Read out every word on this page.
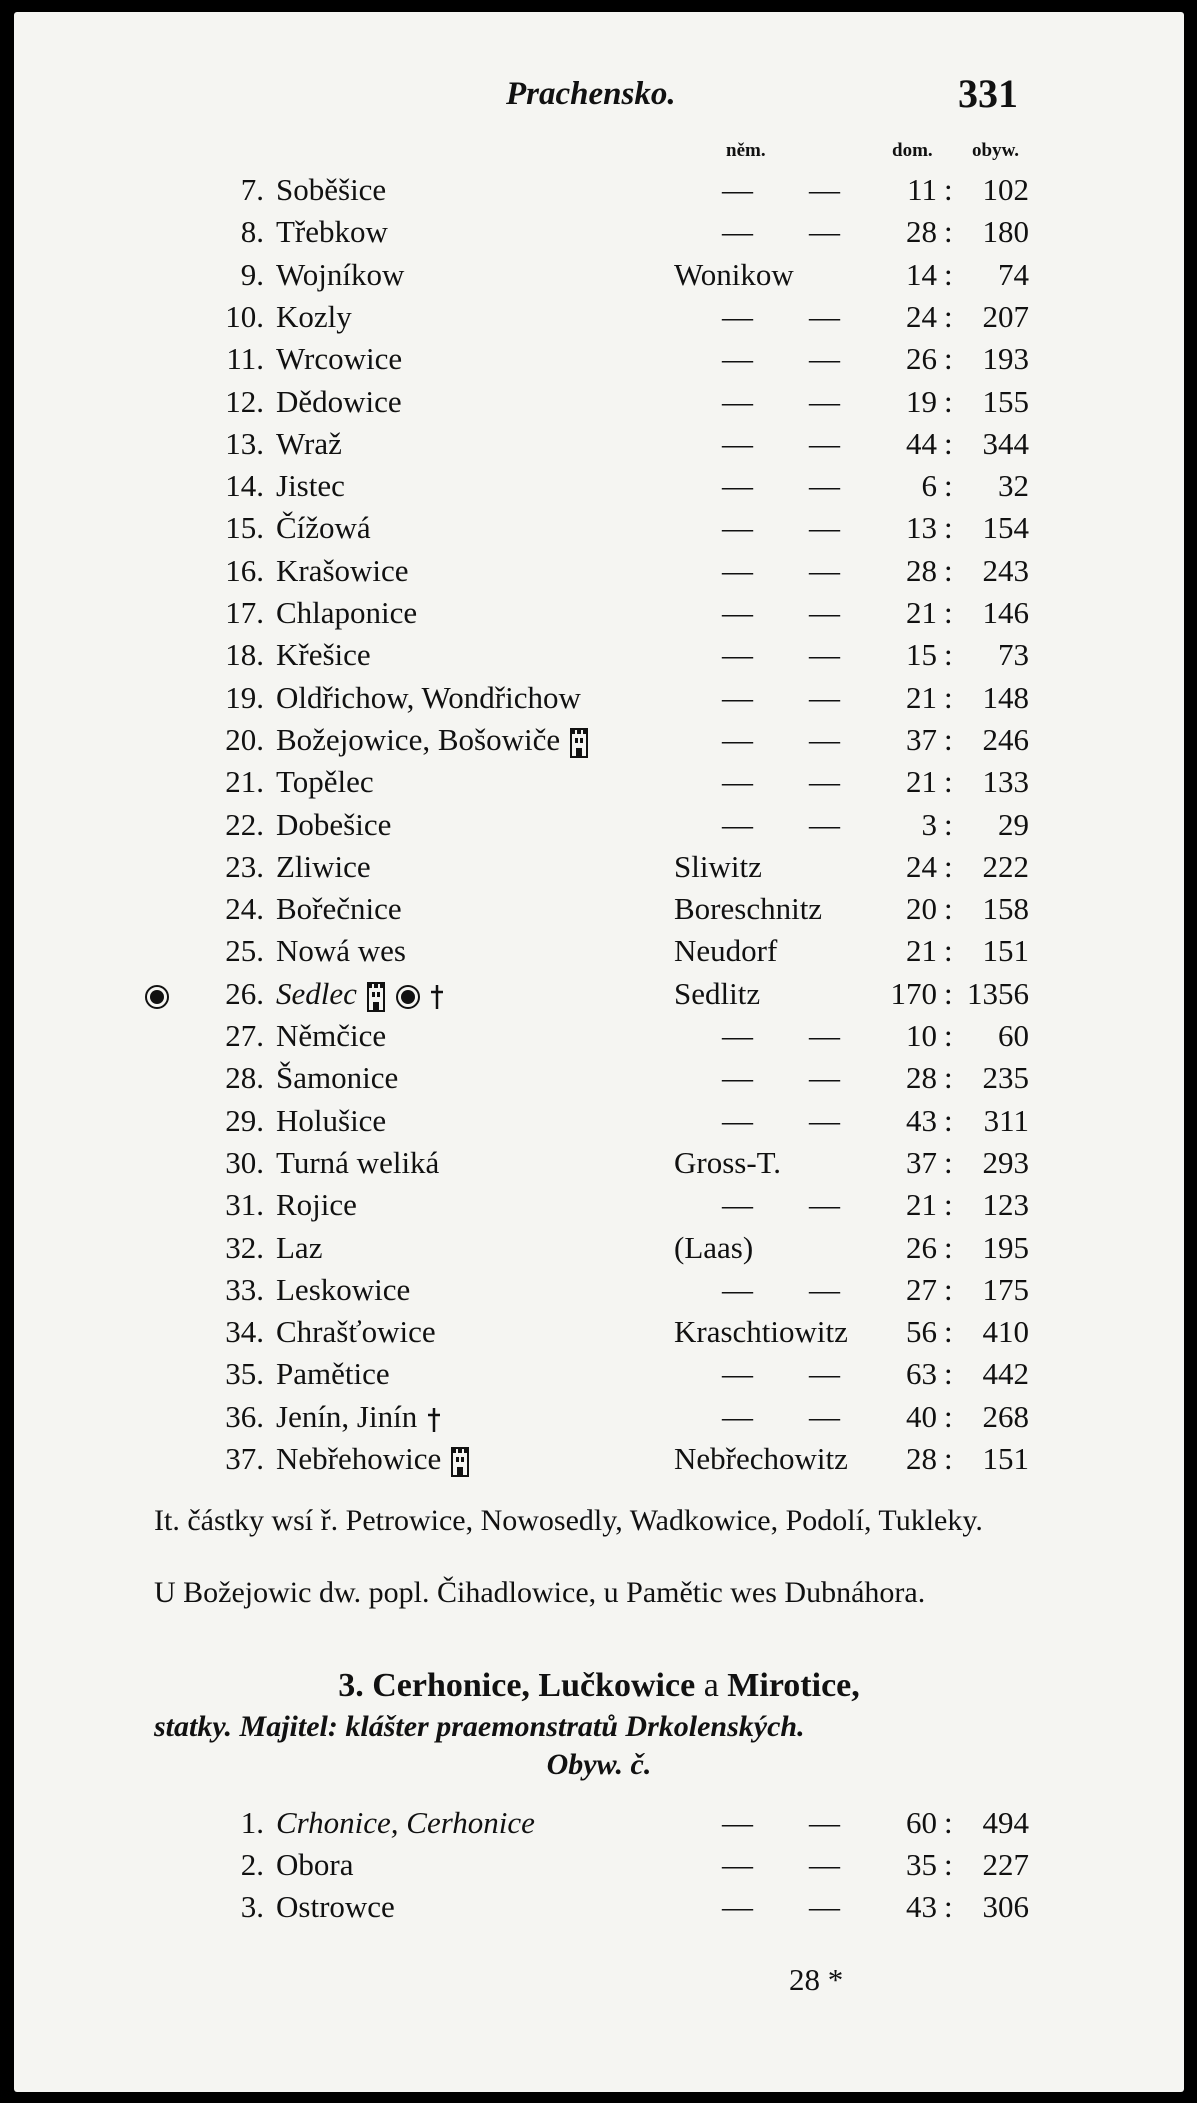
Prachensko.	331
něm.	dom. obyw.
7. Soběšice	— —	11 : 102
8. Třebkow	— —	28 : 180
9. Wojníkow	Wonikow	14 :	74
10. Kozly	— —	24 : 207
11. Wrcowice	— —	26 : 193
12. Dědowice	— —	19 : 155
13. Wraž	— —	44 : 344
14. Jistec	— —	6 :	32
15. Čížowá	— —	13 : 154
16. Krašowice	— —	28 : 243
17. Chlaponice	— —	21 : 146
18. Křešice	— —	15 :	73
19. Oldřichow, Wondřichow	— —	21 : 148
20. Božejowice, Bošowiče	— —	37 : 246
21. Topělec	— —	21 : 133
22. Dobešice	— —	3 :	29
23. Zliwice	Sliwitz	24 : 222
24. Bořečnice	Boreschnitz	20 : 158
25. Nowá wes	Neudorf	21 : 151
26. Sedlec	Sedlitz	170 : 1356
27. Němčice	— —	10 :	60
28. Šamonice	— —	28 : 235
29. Holušice	— —	43 :	311
30. Turná weliká	Gross-T.	37 : 293
31. Rojice	— —	21 : 123
32. Laz	(Laas)	26 : 195
33. Leskowice	— —	27 : 175
34. Chrašťowice	Kraschtiowitz	56 : 410
35. Pamětice	— —	63 : 442
36. Jenín, Jinín	— —	40 : 268
37. Nebřehowice	Nebřechowitz	28 : 151
It. částky wsí ř. Petrowice, Nowosedly, Wadkowice, Podolí, Tukleky.
U Božejowic dw. popl. Čihadlowice, u Pamětic wes Dubnáhora.
3. Cerhonice, Lučkowice a Mirotice,
statky. Majitel: klášter praemonstratů Drkolenských.
Obyw. č.
1. Crhonice, Cerhonice	— —	60 : 494
2. Obora	— —	35 : 227
3. Ostrowce	— —	43 : 306
28 *
